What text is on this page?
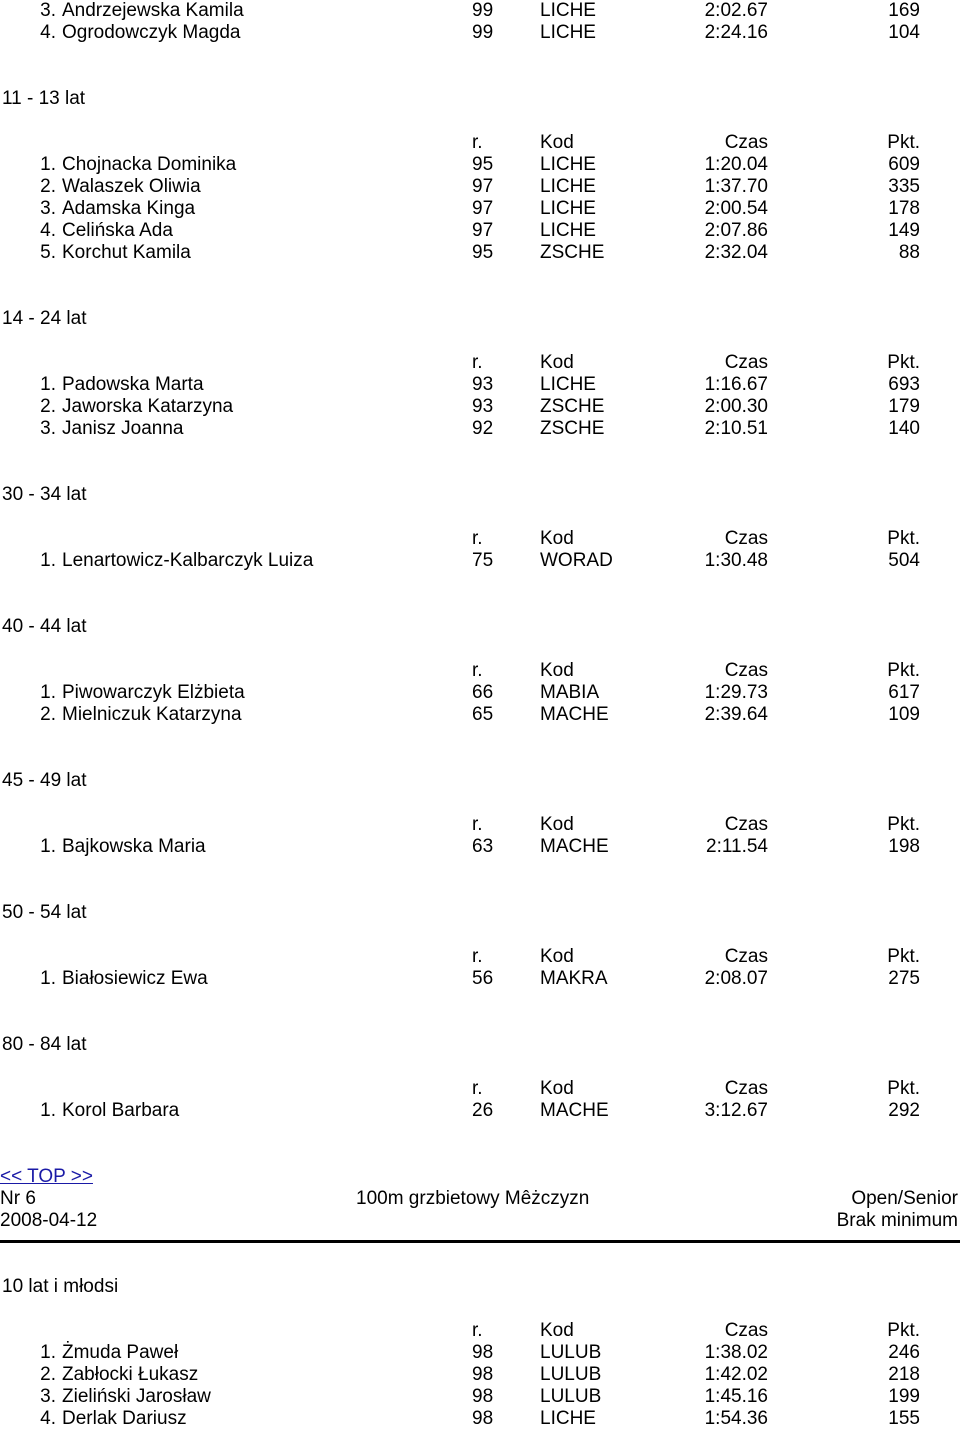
3. Andrzejewska Kamila	99 LICHE	2:02.67	169
4. Ogrodowczyk Magda	99 LICHE	2:24.16	104
11 - 13 lat
r.	Kod	Czas	Pkt.
1. Chojnacka Dominika	95 LICHE	1:20.04	609
2. Walaszek Oliwia	97 LICHE	1:37.70	335
3. Adamska Kinga	97 LICHE	2:00.54	178
4. Celińska Ada	97 LICHE	2:07.86	149
5. Korchut Kamila	95 ZSCHE	2:32.04	88
14 - 24 lat
r.	Kod	Czas	Pkt.
1. Padowska Marta	93 LICHE	1:16.67	693
2. Jaworska Katarzyna	93 ZSCHE	2:00.30	179
3. Janisz Joanna	92 ZSCHE	2:10.51	140
30 - 34 lat
r.	Kod	Czas	Pkt.
1. Lenartowicz-Kalbarczyk Luiza	75 WORAD	1:30.48	504
40 - 44 lat
r.	Kod	Czas	Pkt.
1. Piwowarczyk Elżbieta	66 MABIA	1:29.73	617
2. Mielniczuk Katarzyna	65 MACHE	2:39.64	109
45 - 49 lat
r.	Kod	Czas	Pkt.
1. Bajkowska Maria	63 MACHE	2:11.54	198
50 - 54 lat
r.	Kod	Czas	Pkt.
1. Białosiewicz Ewa	56 MAKRA	2:08.07	275
80 - 84 lat
r.	Kod	Czas	Pkt.
1. Korol Barbara	26 MACHE	3:12.67	292
<< TOP >>
Nr 6	100m grzbietowy Mêżczyzn	Open/Senior
2008-04-12	Brak minimum
10 lat i młodsi
r.	Kod	Czas	Pkt.
1. Żmuda Paweł	98 LULUB	1:38.02	246
2. Zabłocki Łukasz	98 LULUB	1:42.02	218
3. Zieliński Jarosław	98 LULUB	1:45.16	199
4. Derlak Dariusz	98 LICHE	1:54.36	155
